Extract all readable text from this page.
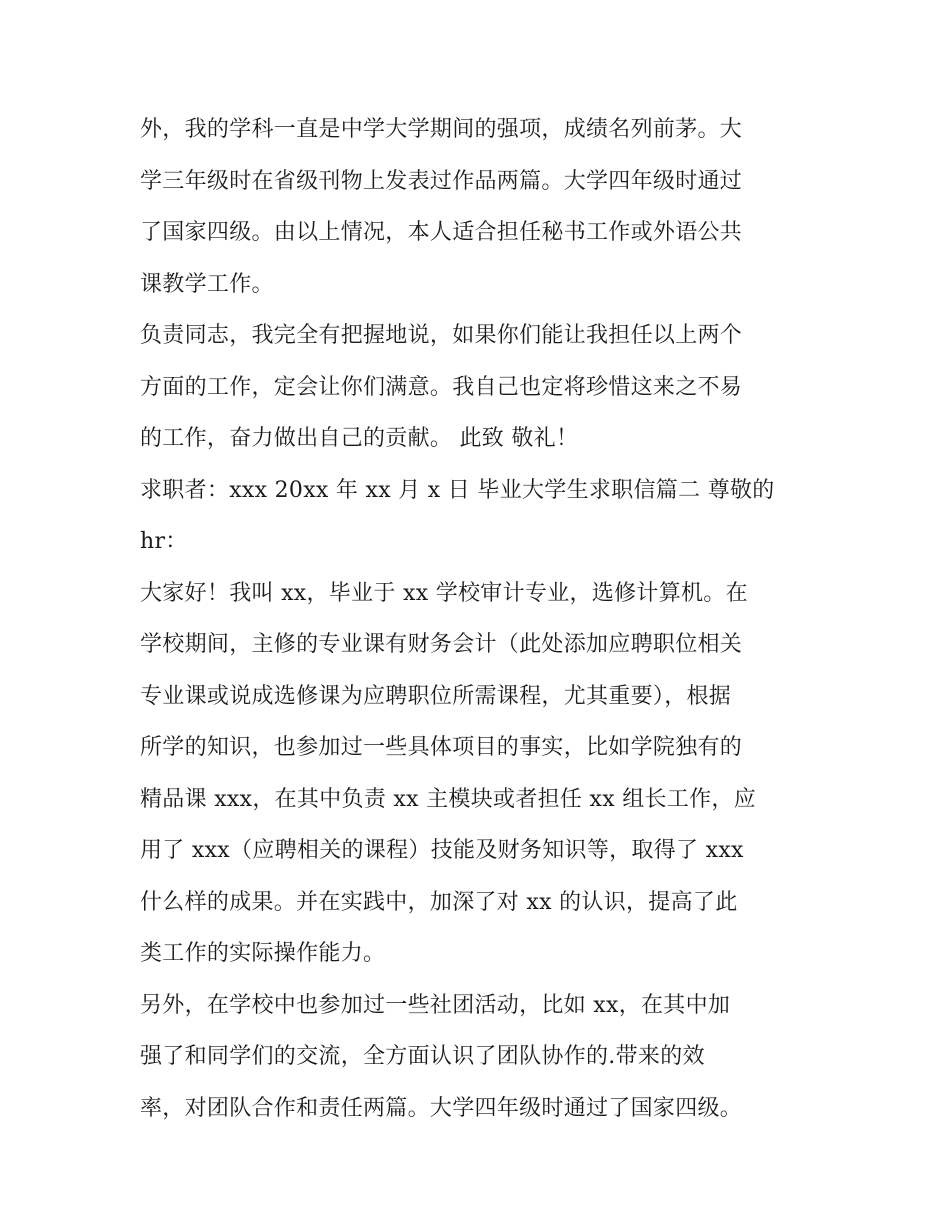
外，我的学科一直是中学大学期间的强项，成绩名列前茅。大
学三年级时在省级刊物上发表过作品两篇。大学四年级时通过
了国家四级。由以上情况，本人适合担任秘书工作或外语公共
课教学工作。
负责同志，我完全有把握地说，如果你们能让我担任以上两个
方面的工作，定会让你们满意。我自己也定将珍惜这来之不易
的工作，奋力做出自己的贡献。 此致 敬礼！
求职者：xxx 20xx 年 xx 月 x 日 毕业大学生求职信篇二 尊敬的
hr：
大家好！我叫 xx，毕业于 xx 学校审计专业，选修计算机。在
学校期间，主修的专业课有财务会计（此处添加应聘职位相关
专业课或说成选修课为应聘职位所需课程，尤其重要），根据
所学的知识，也参加过一些具体项目的事实，比如学院独有的
精品课 xxx，在其中负责 xx 主模块或者担任 xx 组长工作，应
用了 xxx（应聘相关的课程）技能及财务知识等，取得了 xxx
什么样的成果。并在实践中，加深了对 xx 的认识，提高了此
类工作的实际操作能力。
另外，在学校中也参加过一些社团活动，比如 xx，在其中加
强了和同学们的交流，全方面认识了团队协作的.带来的效
率，对团队合作和责任两篇。大学四年级时通过了国家四级。
